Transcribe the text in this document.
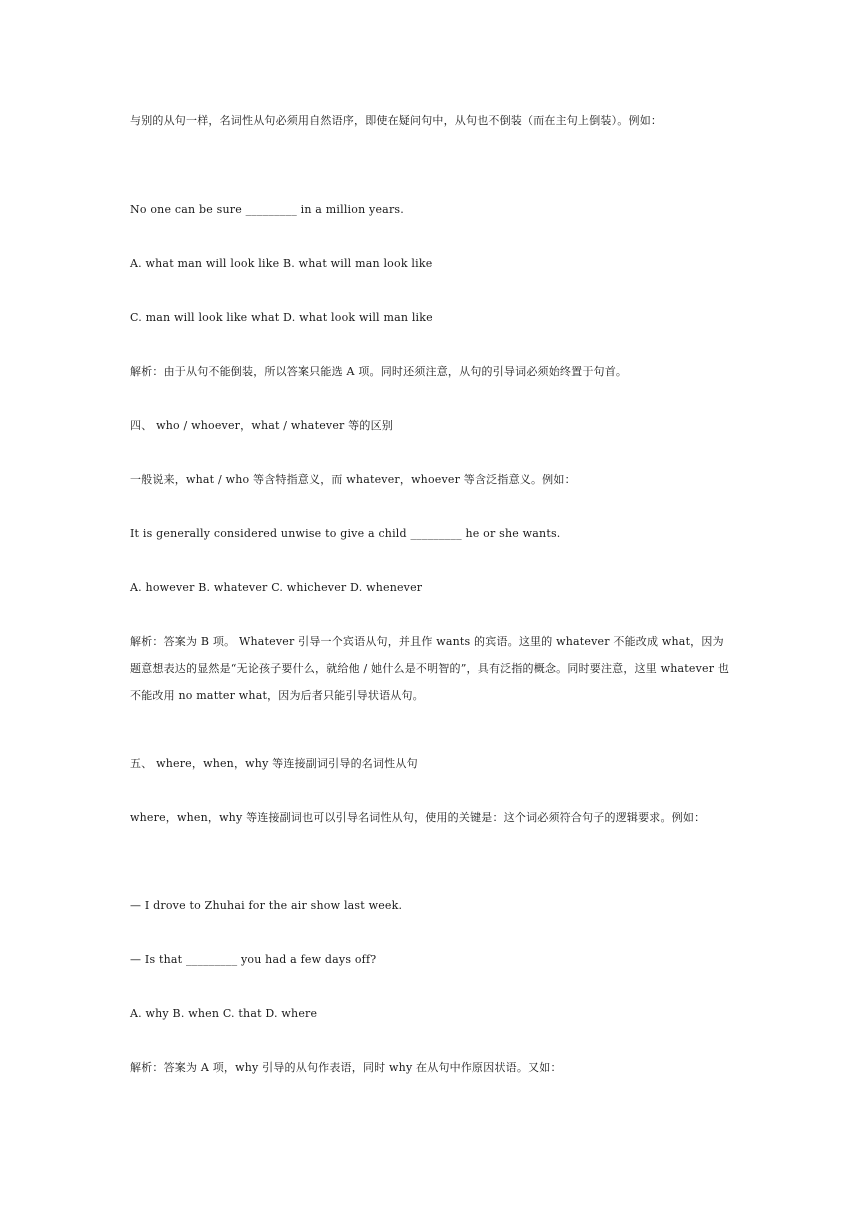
与别的从句一样，名词性从句必须用自然语序，即使在疑问句中，从句也不倒装（而在主句上倒装）。例如：

No one can be sure _________ in a million years.

A. what man will look like B. what will man look like

C. man will look like what D. what look will man like

解析：由于从句不能倒装，所以答案只能选 A 项。同时还须注意，从句的引导词必须始终置于句首。

四、 who / whoever，what / whatever 等的区别

一般说来，what / who 等含特指意义，而 whatever，whoever 等含泛指意义。例如：

It is generally considered unwise to give a child _________ he or she wants.

A. however B. whatever C. whichever D. whenever

解析：答案为 B 项。 Whatever 引导一个宾语从句，并且作 wants 的宾语。这里的 whatever 不能改成 what，因为题意想表达的显然是“无论孩子要什么，就给他 / 她什么是不明智的”，具有泛指的概念。同时要注意，这里 whatever 也不能改用 no matter what，因为后者只能引导状语从句。

五、 where，when，why 等连接副词引导的名词性从句

where，when，why 等连接副词也可以引导名词性从句，使用的关键是：这个词必须符合句子的逻辑要求。例如：

— I drove to Zhuhai for the air show last week.

— Is that _________ you had a few days off?

A. why B. when C. that D. where

解析：答案为 A 项，why 引导的从句作表语，同时 why 在从句中作原因状语。又如：
